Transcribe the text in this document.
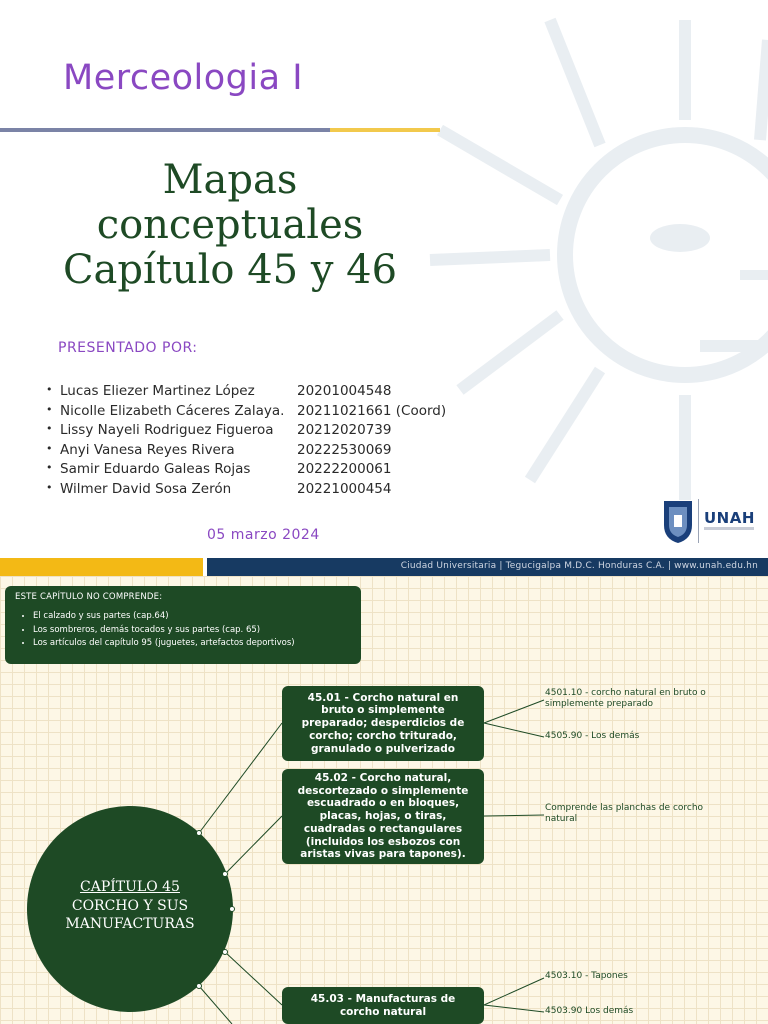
Merceologia I
Mapas
conceptuales
Capítulo 45 y 46
PRESENTADO POR:
Lucas Eliezer Martinez López	20201004548
Nicolle Elizabeth Cáceres Zalaya. 20211021661 (Coord)
Lissy Nayeli Rodriguez Figueroa 20212020739
Anyi Vanesa Reyes Rivera	20222530069
Samir Eduardo Galeas Rojas	20222200061
Wilmer David Sosa Zerón	20221000454
05 marzo 2024
UNAH
Ciudad Universitaria | Tegucigalpa M.D.C. Honduras C.A. | www.unah.edu.hn
ESTE CAPÍTULO NO COMPRENDE:
• El calzado y sus partes (cap.64)
• Los sombreros, demás tocados y sus partes (cap. 65)
• Los artículos del capítulo 95 (juguetes, artefactos deportivos)
CAPÍTULO 45
CORCHO Y SUS
MANUFACTURAS
45.01 - Corcho natural en bruto o simplemente preparado; desperdicios de corcho; corcho triturado, granulado o pulverizado
45.02 - Corcho natural, descortezado o simplemente escuadrado o en bloques, placas, hojas, o tiras, cuadradas o rectangulares (incluidos los esbozos con aristas vivas para tapones).
45.03 - Manufacturas de corcho natural
4501.10 - corcho natural en bruto o simplemente preparado
4505.90 - Los demás
Comprende las planchas de corcho natural
4503.10 - Tapones
4503.90 Los demás
